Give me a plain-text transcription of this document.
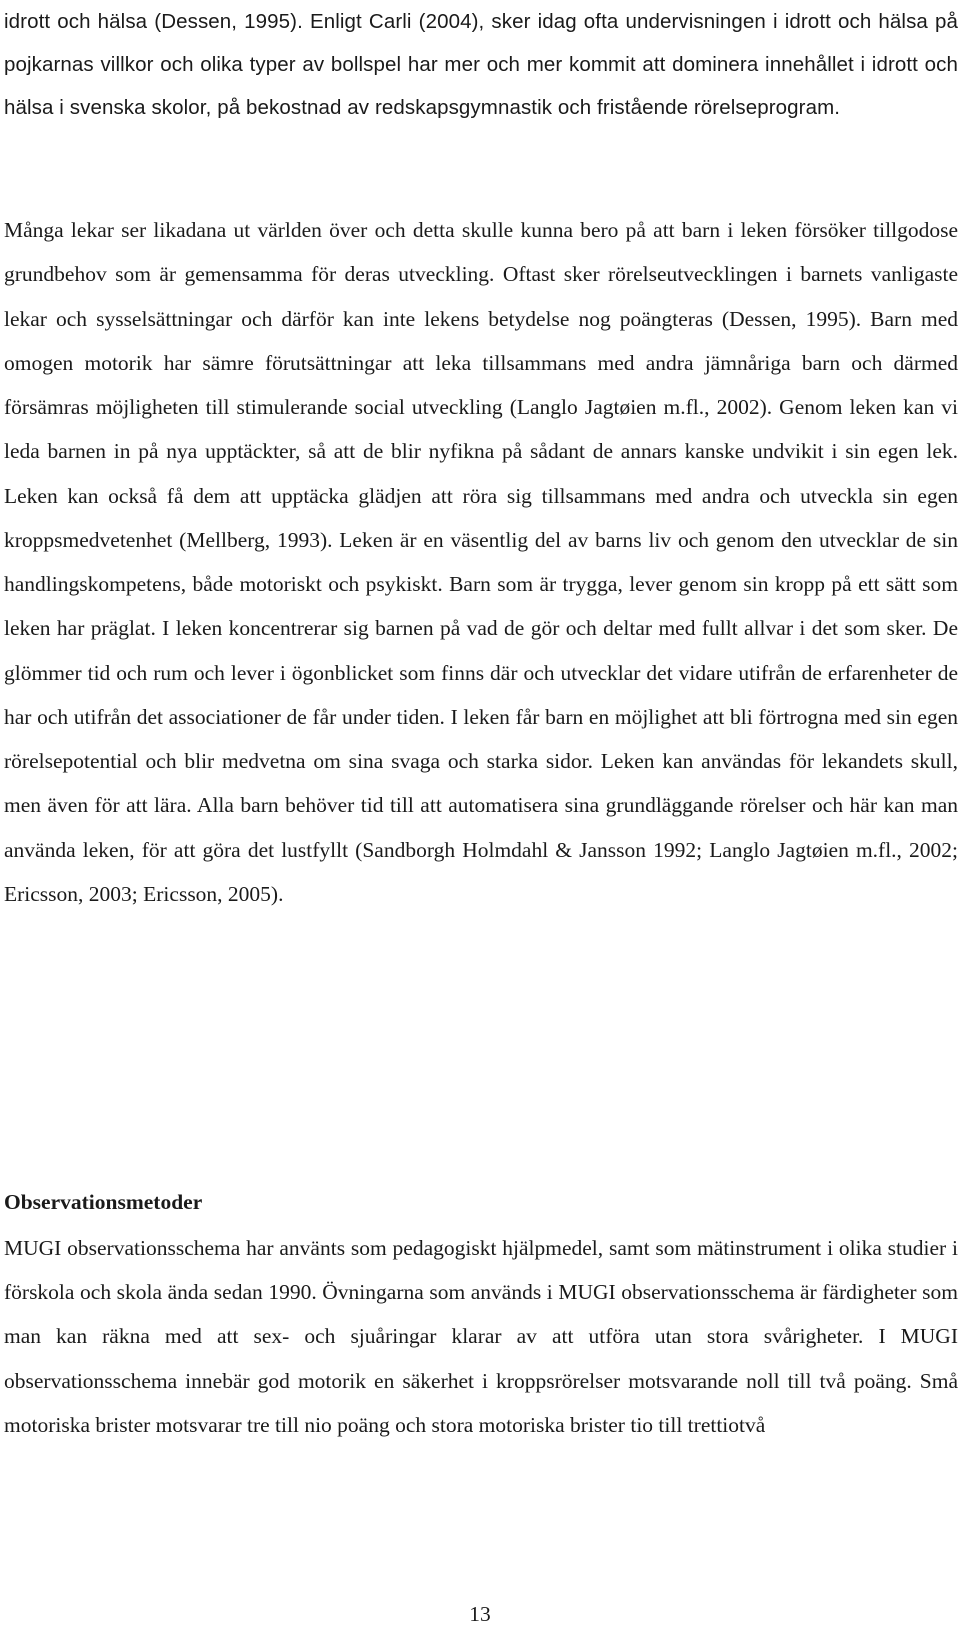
idrott och hälsa (Dessen, 1995). Enligt Carli (2004), sker idag ofta undervisningen i idrott och hälsa på pojkarnas villkor och olika typer av bollspel har mer och mer kommit att dominera innehållet i idrott och hälsa i svenska skolor, på bekostnad av redskapsgymnastik och fristående rörelseprogram.

Många lekar ser likadana ut världen över och detta skulle kunna bero på att barn i leken försöker tillgodose grundbehov som är gemensamma för deras utveckling. Oftast sker rörelseutvecklingen i barnets vanligaste lekar och sysselsättningar och därför kan inte lekens betydelse nog poängteras (Dessen, 1995). Barn med omogen motorik har sämre förutsättningar att leka tillsammans med andra jämnåriga barn och därmed försämras möjligheten till stimulerande social utveckling (Langlo Jagtøien m.fl., 2002). Genom leken kan vi leda barnen in på nya upptäckter, så att de blir nyfikna på sådant de annars kanske undvikit i sin egen lek. Leken kan också få dem att upptäcka glädjen att röra sig tillsammans med andra och utveckla sin egen kroppsmedvetenhet (Mellberg, 1993). Leken är en väsentlig del av barns liv och genom den utvecklar de sin handlingskompetens, både motoriskt och psykiskt. Barn som är trygga, lever genom sin kropp på ett sätt som leken har präglat. I leken koncentrerar sig barnen på vad de gör och deltar med fullt allvar i det som sker. De glömmer tid och rum och lever i ögonblicket som finns där och utvecklar det vidare utifrån de erfarenheter de har och utifrån det associationer de får under tiden. I leken får barn en möjlighet att bli förtrogna med sin egen rörelsepotential och blir medvetna om sina svaga och starka sidor. Leken kan användas för lekandets skull, men även för att lära. Alla barn behöver tid till att automatisera sina grundläggande rörelser och här kan man använda leken, för att göra det lustfyllt (Sandborgh Holmdahl & Jansson 1992; Langlo Jagtøien m.fl., 2002; Ericsson, 2003; Ericsson, 2005).

Observationsmetoder

MUGI observationsschema har använts som pedagogiskt hjälpmedel, samt som mätinstrument i olika studier i förskola och skola ända sedan 1990. Övningarna som används i MUGI observationsschema är färdigheter som man kan räkna med att sex- och sjuåringar klarar av att utföra utan stora svårigheter. I MUGI observationsschema innebär god motorik en säkerhet i kroppsrörelser motsvarande noll till två poäng. Små motoriska brister motsvarar tre till nio poäng och stora motoriska brister tio till trettiotvå

13
